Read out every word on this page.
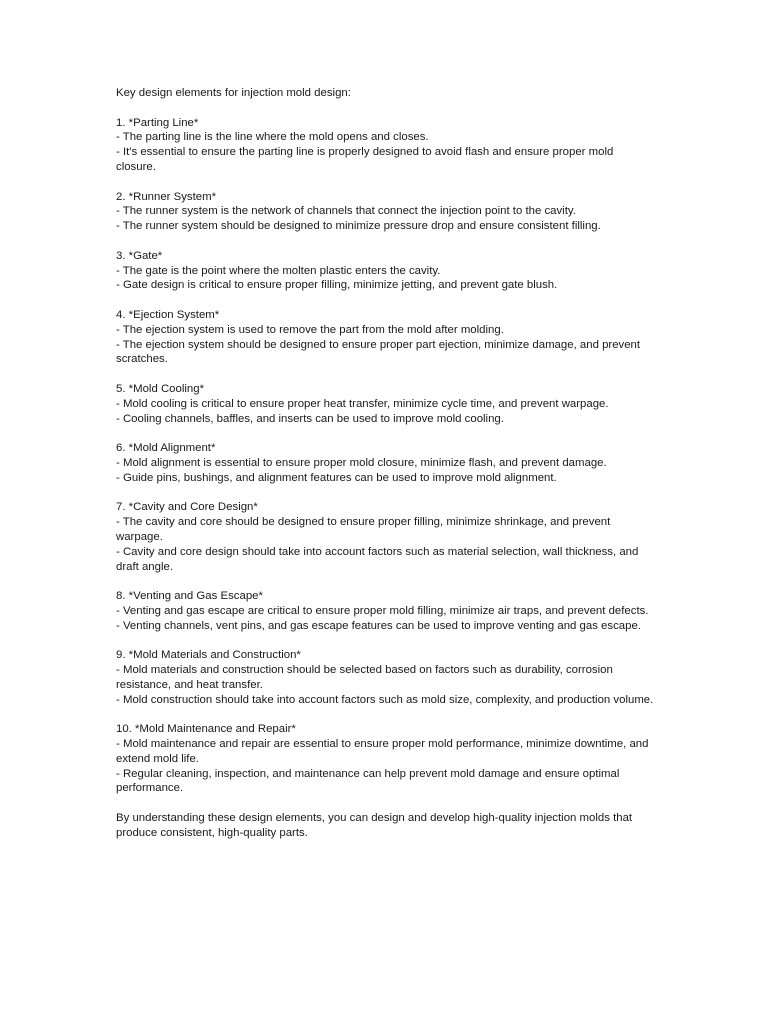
Key design elements for injection mold design:

1. *Parting Line*
- The parting line is the line where the mold opens and closes.
- It's essential to ensure the parting line is properly designed to avoid flash and ensure proper mold closure.
2. *Runner System*
- The runner system is the network of channels that connect the injection point to the cavity.
- The runner system should be designed to minimize pressure drop and ensure consistent filling.
3. *Gate*
- The gate is the point where the molten plastic enters the cavity.
- Gate design is critical to ensure proper filling, minimize jetting, and prevent gate blush.
4. *Ejection System*
- The ejection system is used to remove the part from the mold after molding.
- The ejection system should be designed to ensure proper part ejection, minimize damage, and prevent scratches.
5. *Mold Cooling*
- Mold cooling is critical to ensure proper heat transfer, minimize cycle time, and prevent warpage.
- Cooling channels, baffles, and inserts can be used to improve mold cooling.
6. *Mold Alignment*
- Mold alignment is essential to ensure proper mold closure, minimize flash, and prevent damage.
- Guide pins, bushings, and alignment features can be used to improve mold alignment.
7. *Cavity and Core Design*
- The cavity and core should be designed to ensure proper filling, minimize shrinkage, and prevent warpage.
- Cavity and core design should take into account factors such as material selection, wall thickness, and draft angle.
8. *Venting and Gas Escape*
- Venting and gas escape are critical to ensure proper mold filling, minimize air traps, and prevent defects.
- Venting channels, vent pins, and gas escape features can be used to improve venting and gas escape.
9. *Mold Materials and Construction*
- Mold materials and construction should be selected based on factors such as durability, corrosion resistance, and heat transfer.
- Mold construction should take into account factors such as mold size, complexity, and production volume.
10. *Mold Maintenance and Repair*
- Mold maintenance and repair are essential to ensure proper mold performance, minimize downtime, and extend mold life.
- Regular cleaning, inspection, and maintenance can help prevent mold damage and ensure optimal performance.

By understanding these design elements, you can design and develop high-quality injection molds that produce consistent, high-quality parts.
